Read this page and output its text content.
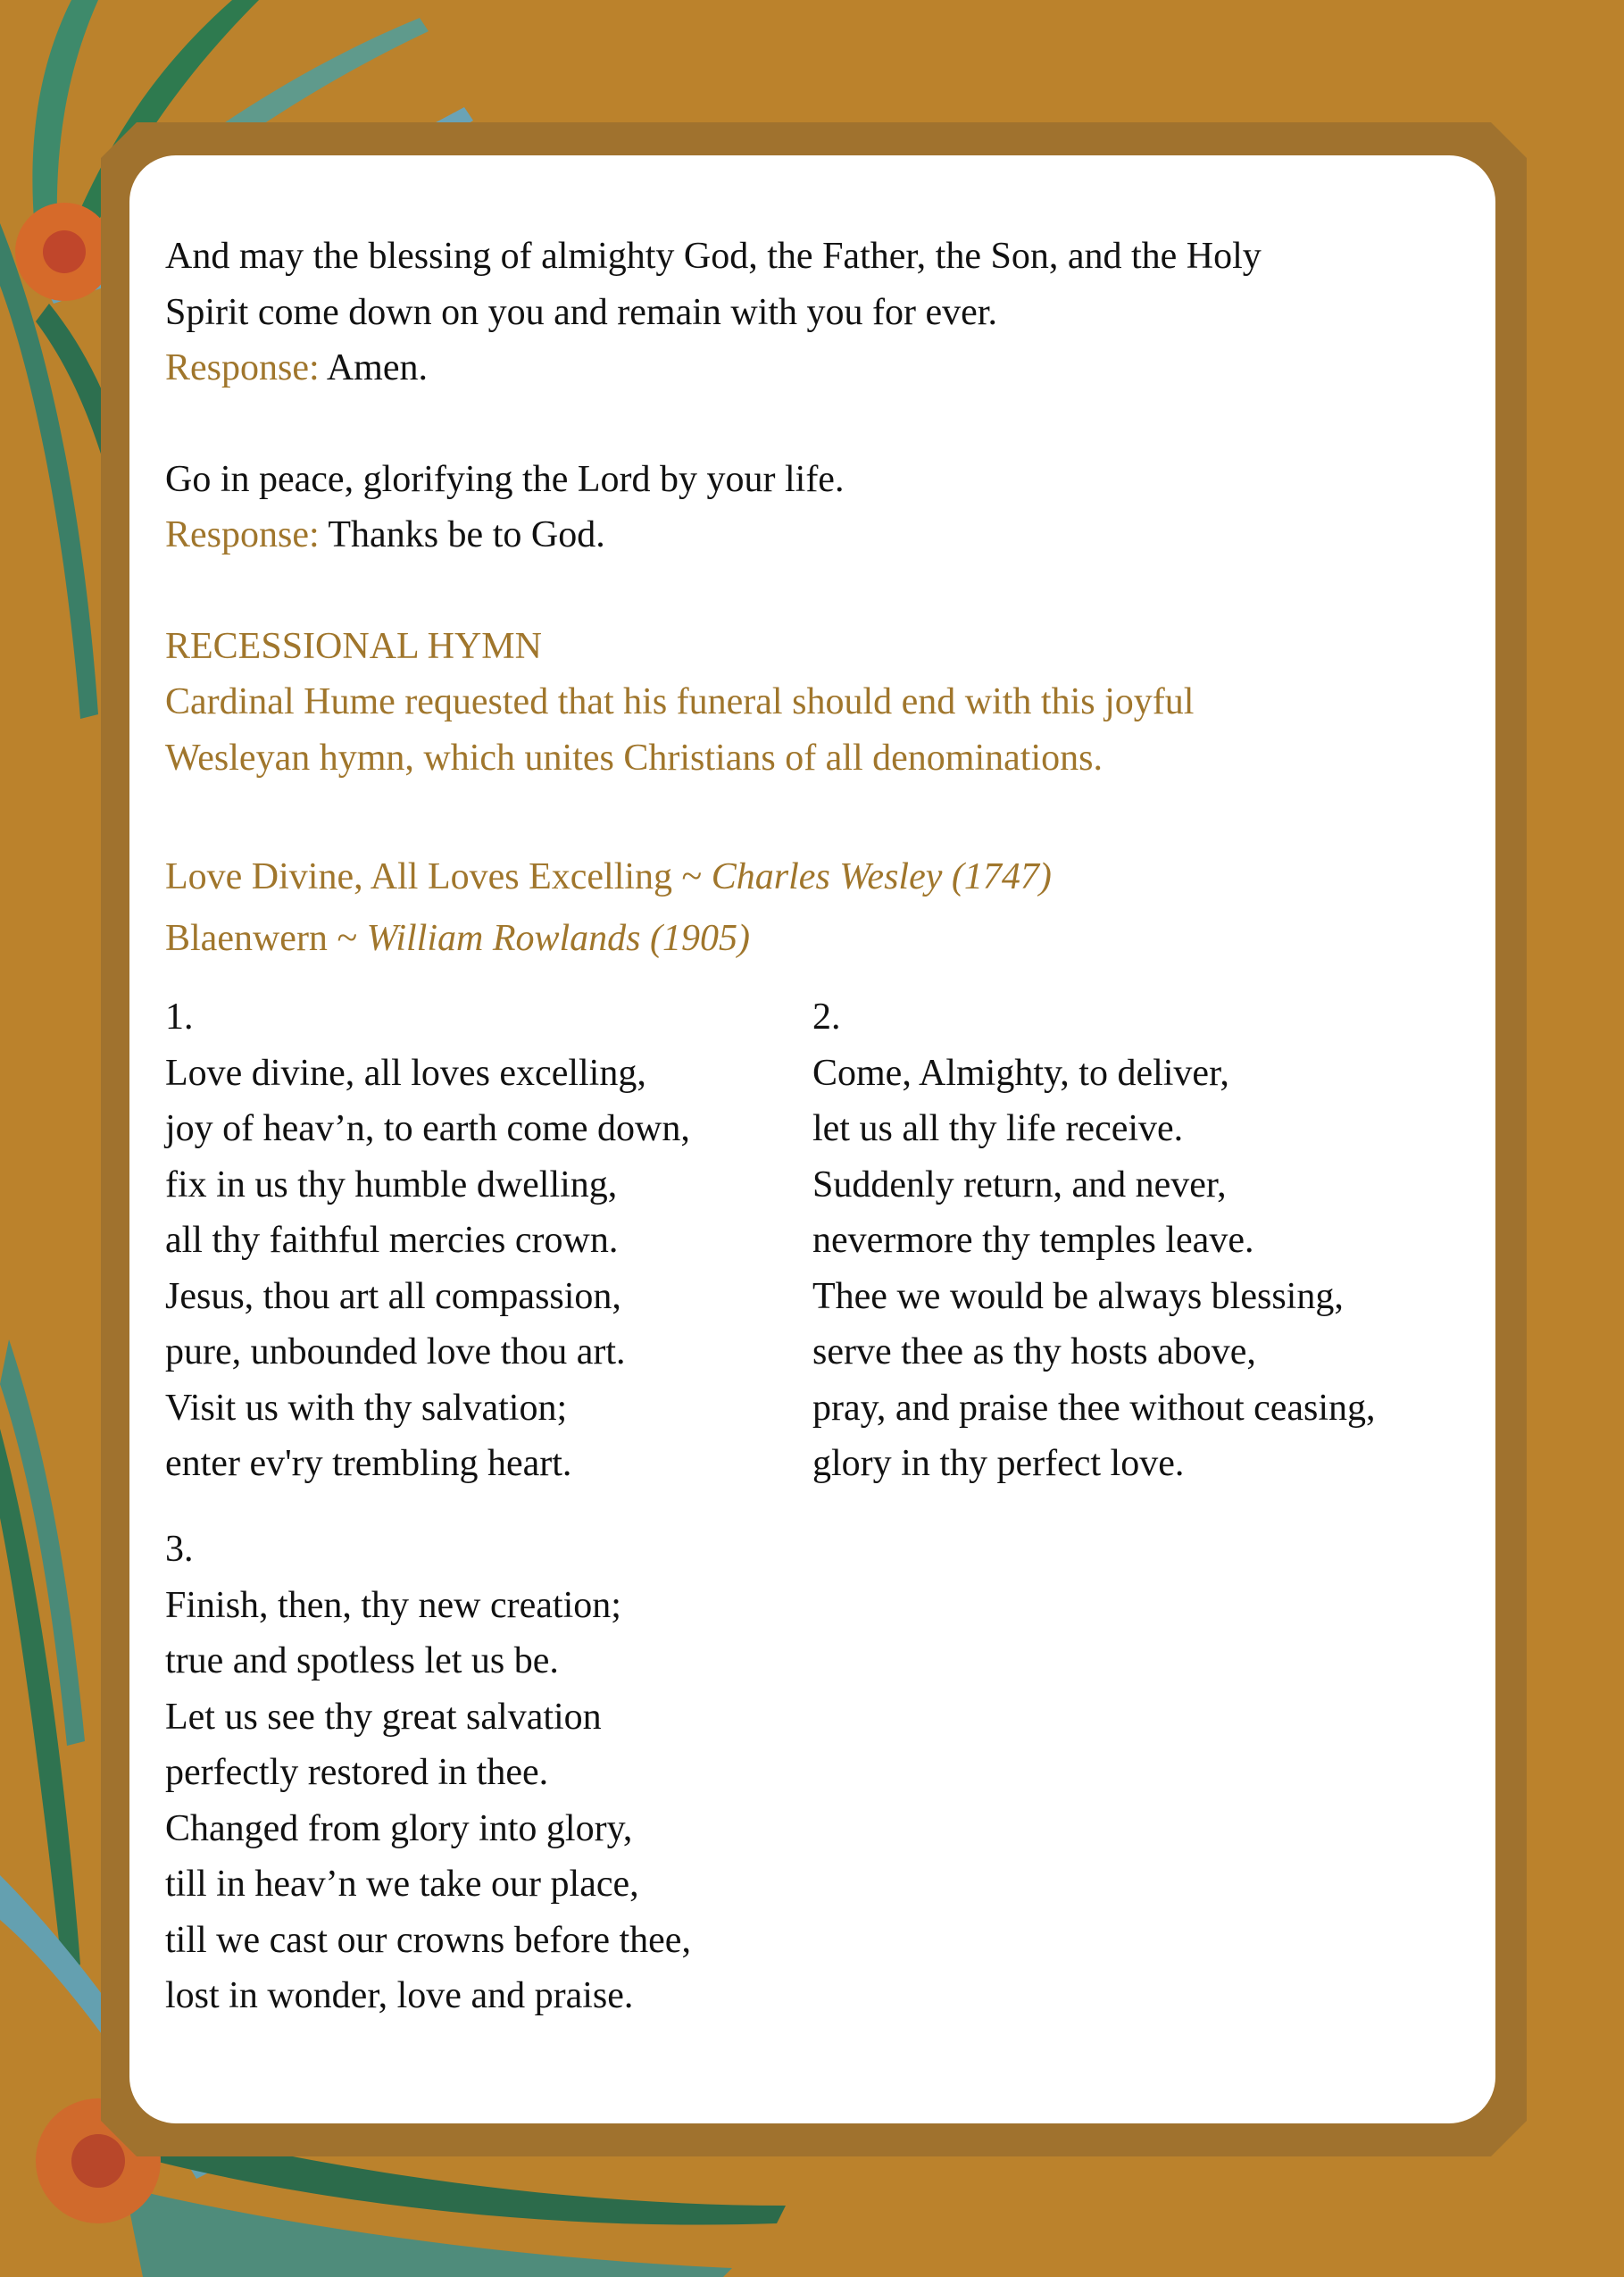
And may the blessing of almighty God, the Father, the Son, and the Holy
Spirit come down on you and remain with you for ever.
Response: Amen.
Go in peace, glorifying the Lord by your life.
Response: Thanks be to God.
RECESSIONAL HYMN
Cardinal Hume requested that his funeral should end with this joyful
Wesleyan hymn, which unites Christians of all denominations.
Love Divine, All Loves Excelling ~ Charles Wesley (1747)
Blaenwern ~ William Rowlands (1905)
1.
Love divine, all loves excelling,
joy of heav’n, to earth come down,
fix in us thy humble dwelling,
all thy faithful mercies crown.
Jesus, thou art all compassion,
pure, unbounded love thou art.
Visit us with thy salvation;
enter ev'ry trembling heart.
2.
Come, Almighty, to deliver,
let us all thy life receive.
Suddenly return, and never,
nevermore thy temples leave.
Thee we would be always blessing,
serve thee as thy hosts above,
pray, and praise thee without ceasing,
glory in thy perfect love.
3.
Finish, then, thy new creation;
true and spotless let us be.
Let us see thy great salvation
perfectly restored in thee.
Changed from glory into glory,
till in heav’n we take our place,
till we cast our crowns before thee,
lost in wonder, love and praise.
